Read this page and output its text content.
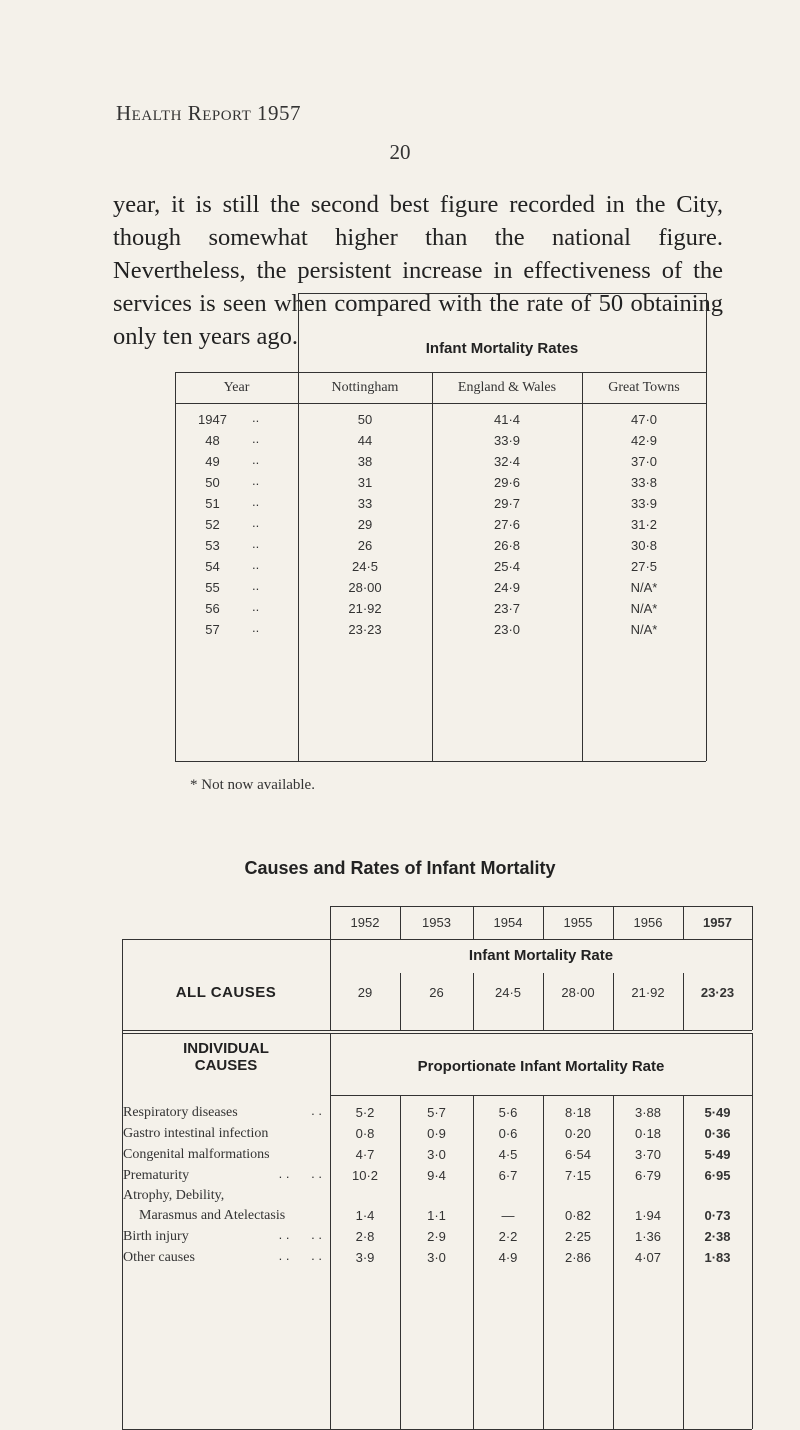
Health Report 1957
20
year, it is still the second best figure recorded in the City, though somewhat higher than the national figure. Nevertheless, the persistent increase in effectiveness of the services is seen when compared with the rate of 50 obtaining only ten years ago.	Infant Mortality Rates
Year	Nottingham	England & Wales	Great Towns
1947	..	50	41·4	47·0
48	..	44	33·9	42·9
49	..	38	32·4	37·0
50	..	31	29·6	33·8
51	..	33	29·7	33·9
52	..	29	27·6	31·2
53	..	26	26·8	30·8
54	..	24·5	25·4	27·5
55	..	28·00	24·9	N/A*
56	..	21·92	23·7	N/A*
57	..	23·23	23·0	N/A*
* Not now available.
Causes and Rates of Infant Mortality
1952	1953	1954	1955	1956	1957
Infant Mortality Rate
ALL CAUSES	29	26	24·5	28·00	21·92	23·23
INDIVIDUAL
CAUSES	Proportionate Infant Mortality Rate
Respiratory diseases	. .	5·2	5·7	5·6	8·18	3·88	5·49
Gastro intestinal infection	0·8	0·9	0·6	0·20	0·18	0·36
Congenital malformations	4·7	3·0	4·5	6·54	3·70	5·49
Prematurity	. .      . .	10·2	9·4	6·7	7·15	6·79	6·95
Atrophy, Debility,
Marasmus and Atelectasis	1·4	1·1	—	0·82	1·94	0·73
Birth injury	. .      . .	2·8	2·9	2·2	2·25	1·36	2·38
Other causes	. .      . .	3·9	3·0	4·9	2·86	4·07	1·83
